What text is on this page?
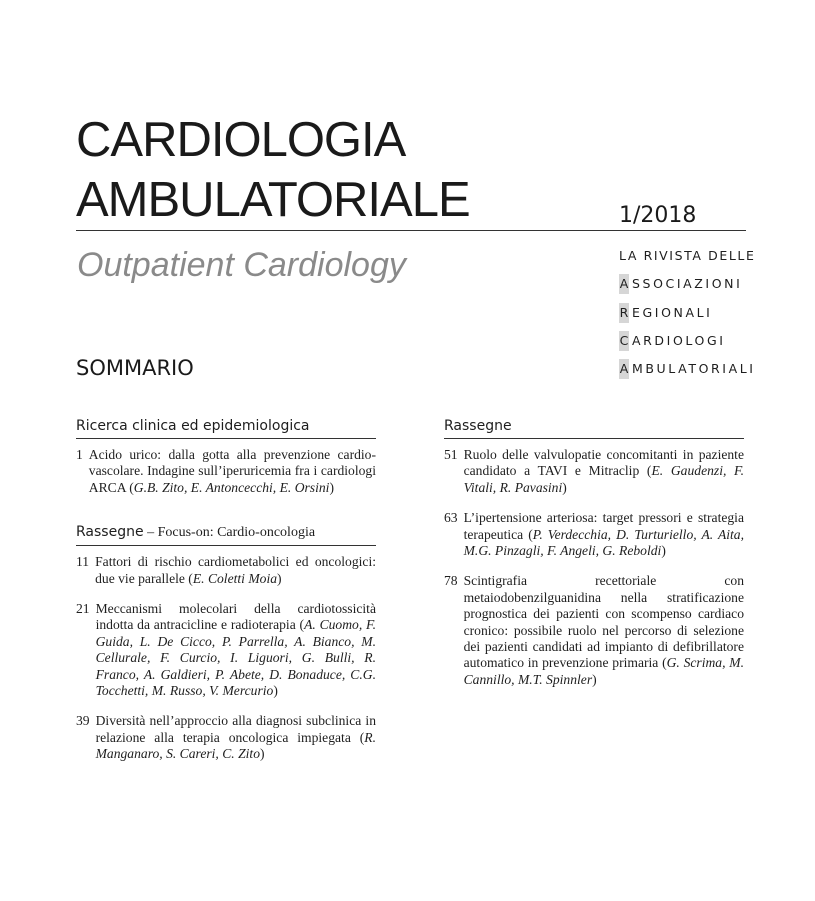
CARDIOLOGIA
AMBULATORIALE	1/2018
Outpatient Cardiology	LA RIVISTA DELLE
A SSOCIAZIONI
R EGIONALI
C ARDIOLOGI
A MBULATORIALI
SOMMARIO
Ricerca clinica ed epidemiologica
1 Acido urico: dalla gotta alla prevenzione cardio-vascolare. Indagine sull’iperuricemia fra i cardiologi ARCA (G.B. Zito, E. Antoncecchi, E. Orsini)
Rassegne – Focus-on: Cardio-oncologia
11 Fattori di rischio cardiometabolici ed oncologici: due vie parallele (E. Coletti Moia)
21 Meccanismi molecolari della cardiotossicità indotta da antracicline e radioterapia (A. Cuomo, F. Guida, L. De Cicco, P. Parrella, A. Bianco, M. Cellurale, F. Curcio, I. Liguori, G. Bulli, R. Franco, A. Galdieri, P. Abete, D. Bonaduce, C.G. Tocchetti, M. Russo, V. Mercurio)
39 Diversità nell’approccio alla diagnosi subclinica in relazione alla terapia oncologica impiegata (R. Manganaro, S. Careri, C. Zito)
Rassegne
51 Ruolo delle valvulopatie concomitanti in paziente candidato a TAVI e Mitraclip (E. Gaudenzi, F. Vitali, R. Pavasini)
63 L’ipertensione arteriosa: target pressori e strategia terapeutica (P. Verdecchia, D. Turturiello, A. Aita, M.G. Pinzagli, F. Angeli, G. Reboldi)
78 Scintigrafia recettoriale con metaiodobenzilguanidina nella stratificazione prognostica dei pazienti con scompenso cardiaco cronico: possibile ruolo nel percorso di selezione dei pazienti candidati ad impianto di defibrillatore automatico in prevenzione primaria (G. Scrima, M. Cannillo, M.T. Spinnler)
